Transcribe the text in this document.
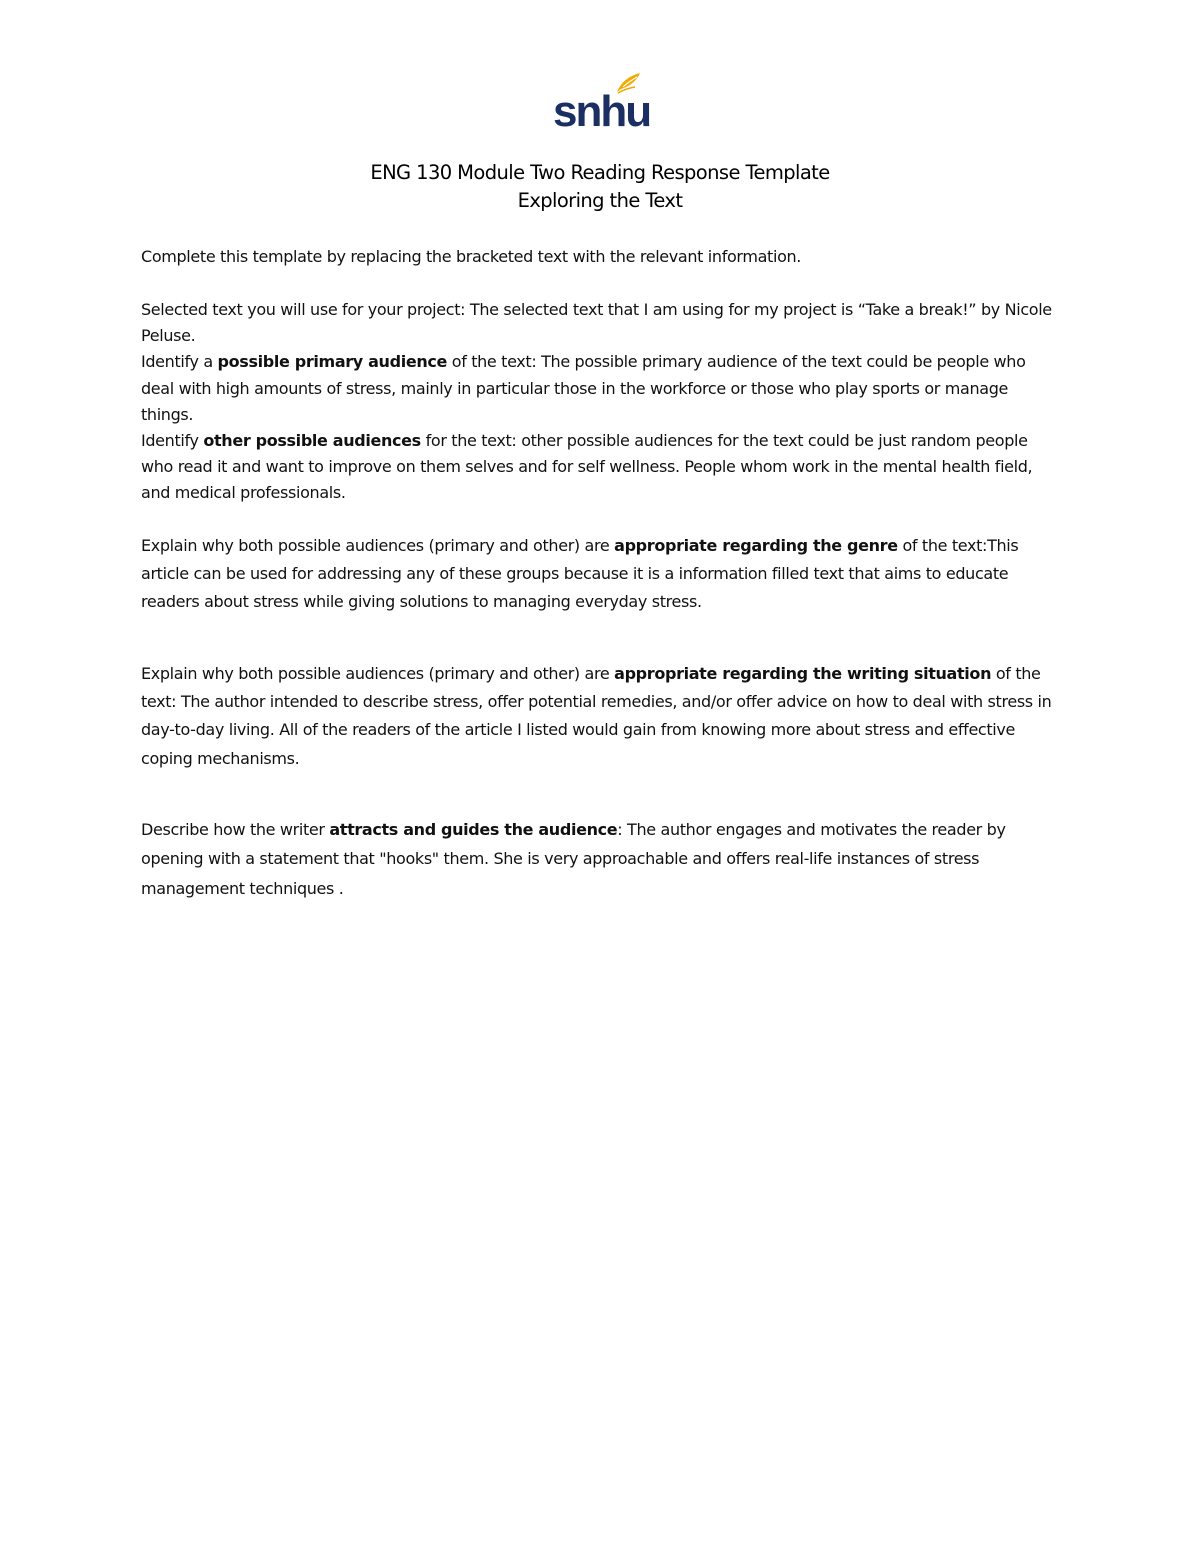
snhu
ENG 130 Module Two Reading Response Template
Exploring the Text

Complete this template by replacing the bracketed text with the relevant information.

Selected text you will use for your project: The selected text that I am using for my project is “Take a break!” by Nicole Peluse.

Identify a possible primary audience of the text: The possible primary audience of the text could be people who deal with high amounts of stress, mainly in particular those in the workforce or those who play sports or manage things.

Identify other possible audiences for the text: other possible audiences for the text could be just random people who read it and want to improve on them selves and for self wellness. People whom work in the mental health field, and medical professionals.

Explain why both possible audiences (primary and other) are appropriate regarding the genre of the text:This article can be used for addressing any of these groups because it is a information filled text that aims to educate readers about stress while giving solutions to managing everyday stress.

Explain why both possible audiences (primary and other) are appropriate regarding the writing situation of the text: The author intended to describe stress, offer potential remedies, and/or offer advice on how to deal with stress in day-to-day living. All of the readers of the article I listed would gain from knowing more about stress and effective coping mechanisms.

Describe how the writer attracts and guides the audience: The author engages and motivates the reader by opening with a statement that "hooks" them. She is very approachable and offers real-life instances of stress management techniques .
